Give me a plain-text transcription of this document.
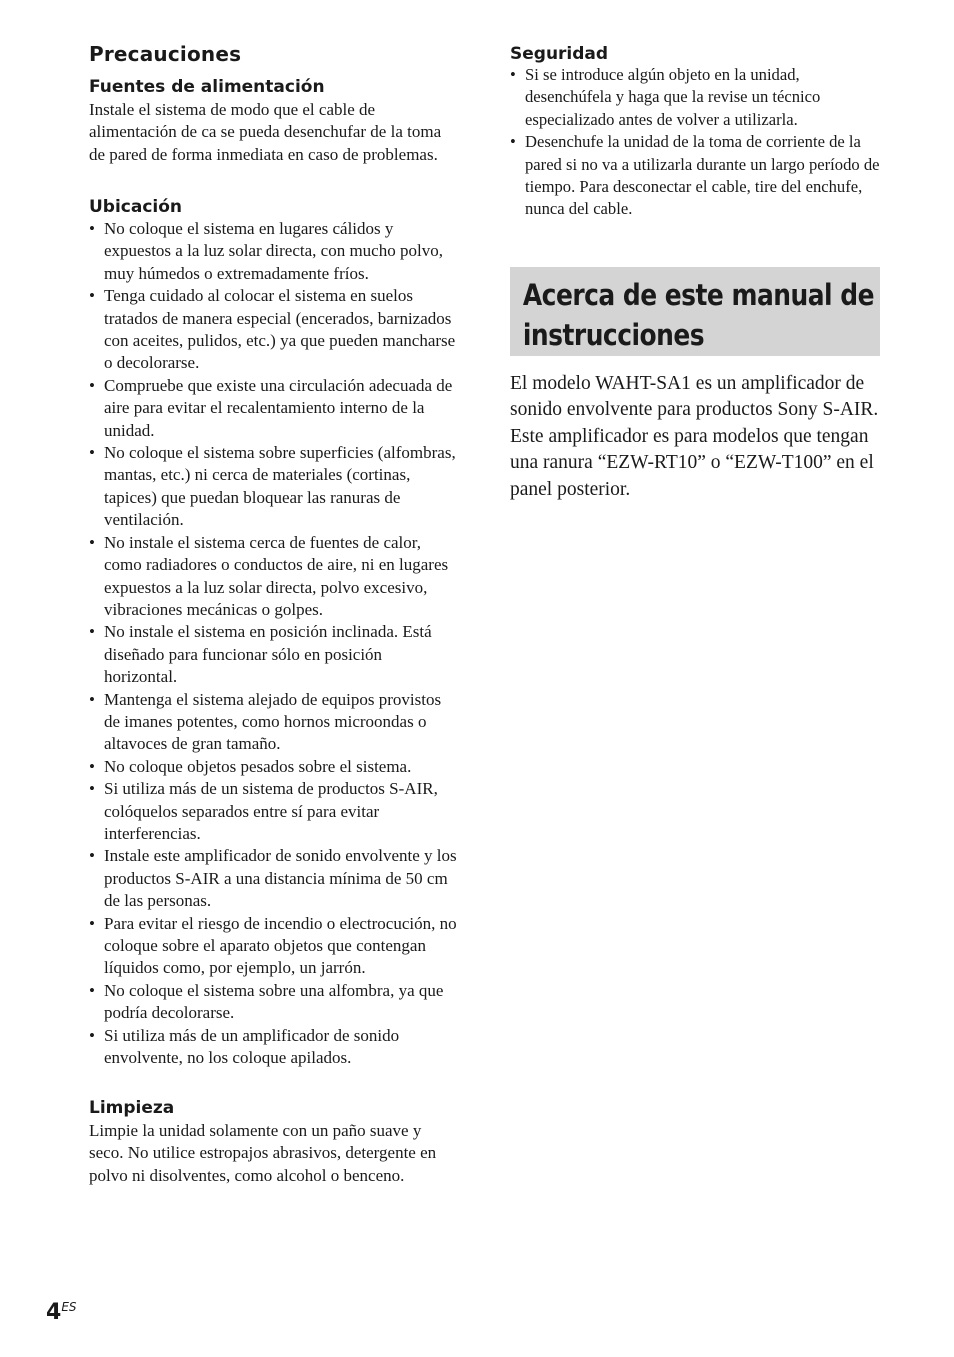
Precauciones
Fuentes de alimentación

Instale el sistema de modo que el cable de alimentación de ca se pueda desenchufar de la toma de pared de forma inmediata en caso de problemas.

Ubicación
• No coloque el sistema en lugares cálidos y expuestos a la luz solar directa, con mucho polvo, muy húmedos o extremadamente fríos.
• Tenga cuidado al colocar el sistema en suelos tratados de manera especial (encerados, barnizados con aceites, pulidos, etc.) ya que pueden mancharse o decolorarse.
• Compruebe que existe una circulación adecuada de aire para evitar el recalentamiento interno de la unidad.
• No coloque el sistema sobre superficies (alfombras, mantas, etc.) ni cerca de materiales (cortinas, tapices) que puedan bloquear las ranuras de ventilación.
• No instale el sistema cerca de fuentes de calor, como radiadores o conductos de aire, ni en lugares expuestos a la luz solar directa, polvo excesivo, vibraciones mecánicas o golpes.
• No instale el sistema en posición inclinada. Está diseñado para funcionar sólo en posición horizontal.
• Mantenga el sistema alejado de equipos provistos de imanes potentes, como hornos microondas o altavoces de gran tamaño.
• No coloque objetos pesados sobre el sistema.
• Si utiliza más de un sistema de productos S-AIR, colóquelos separados entre sí para evitar interferencias.
• Instale este amplificador de sonido envolvente y los productos S-AIR a una distancia mínima de 50 cm de las personas.
• Para evitar el riesgo de incendio o electrocución, no coloque sobre el aparato objetos que contengan líquidos como, por ejemplo, un jarrón.
• No coloque el sistema sobre una alfombra, ya que podría decolorarse.
• Si utiliza más de un amplificador de sonido envolvente, no los coloque apilados.
Limpieza

Limpie la unidad solamente con un paño suave y seco. No utilice estropajos abrasivos, detergente en polvo ni disolventes, como alcohol o benceno.

Seguridad
• Si se introduce algún objeto en la unidad, desenchúfela y haga que la revise un técnico especializado antes de volver a utilizarla.
• Desenchufe la unidad de la toma de corriente de la pared si no va a utilizarla durante un largo período de tiempo. Para desconectar el cable, tire del enchufe, nunca del cable.
Acerca de este manual de instrucciones

El modelo WAHT-SA1 es un amplificador de sonido envolvente para productos Sony S-AIR. Este amplificador es para modelos que tengan una ranura “EZW-RT10” o “EZW-T100” en el panel posterior.

$4^{ES}$
